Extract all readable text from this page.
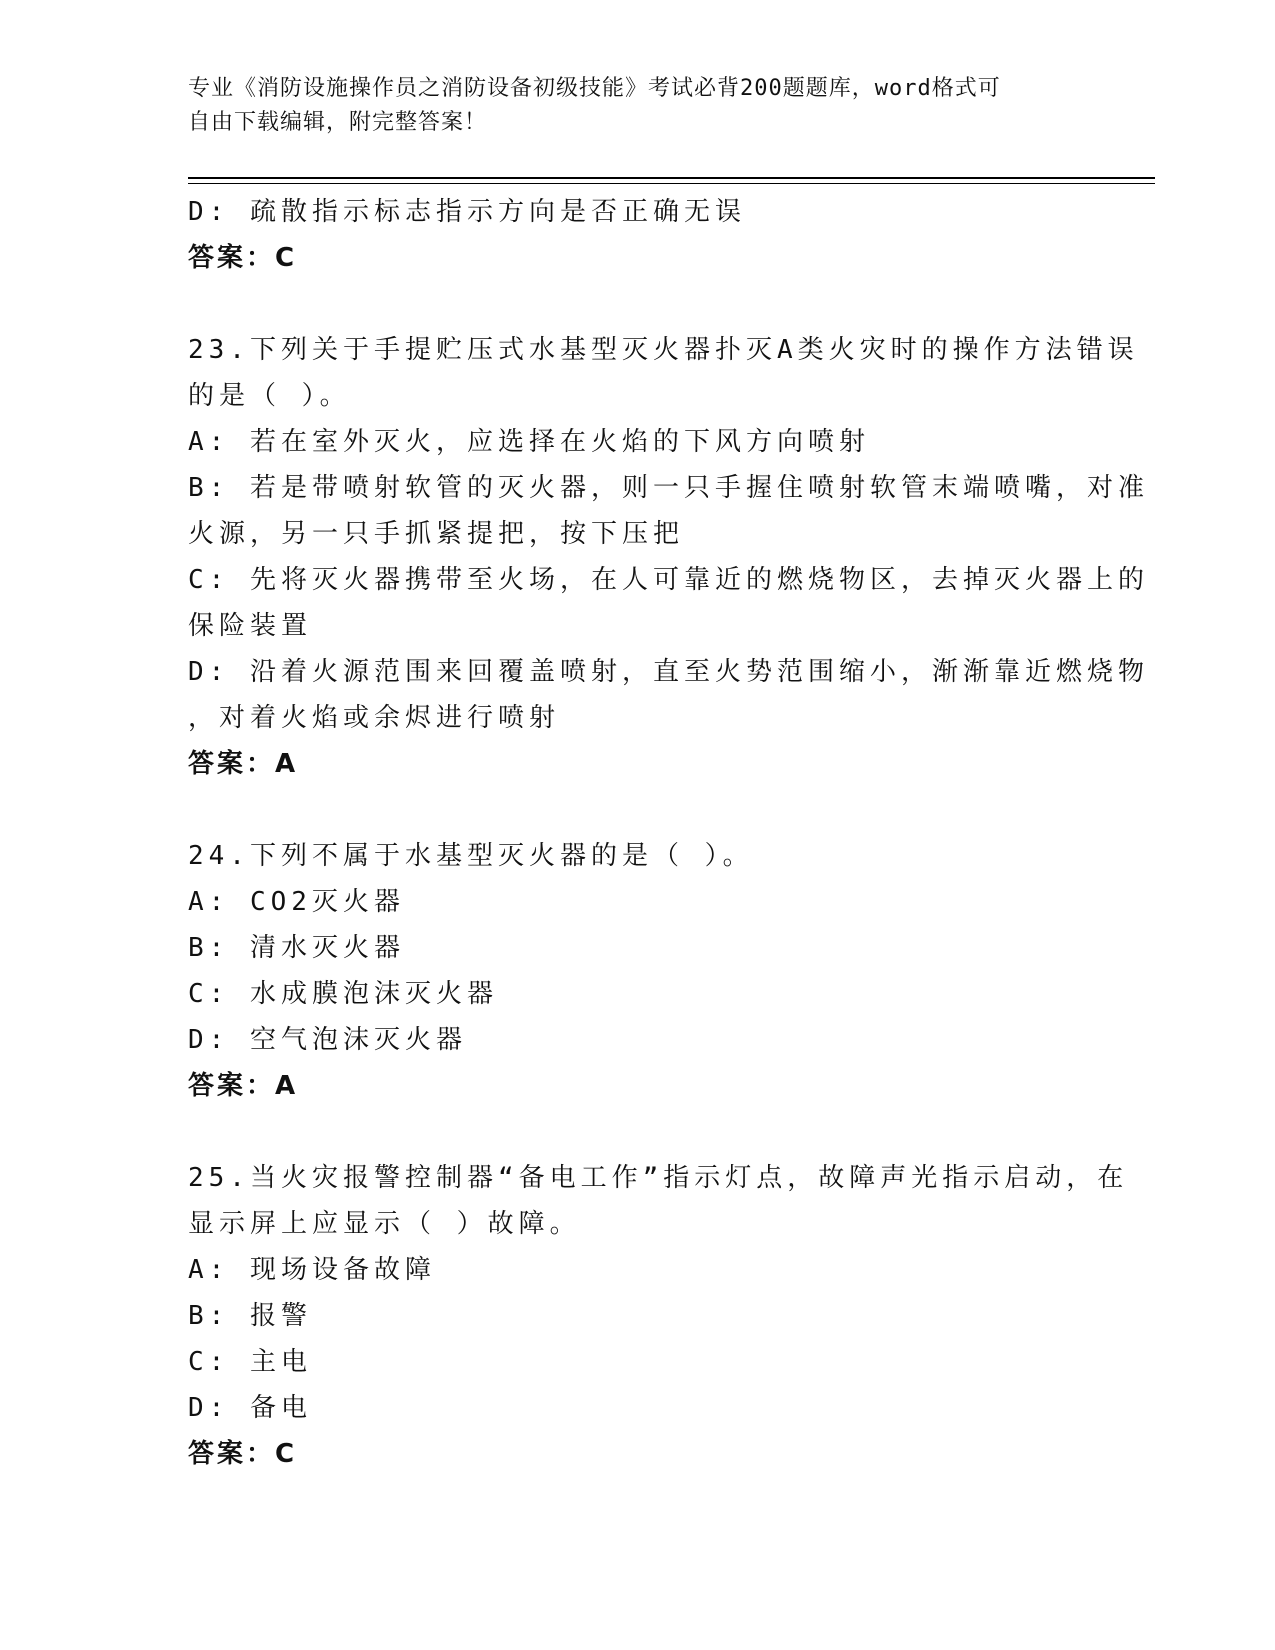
专业《消防设施操作员之消防设备初级技能》考试必背200题题库，word格式可

自由下载编辑，附完整答案！

D: 疏散指示标志指示方向是否正确无误

答案：C

23.下列关于手提贮压式水基型灭火器扑灭A类火灾时的操作方法错误

的是（ ）。

A: 若在室外灭火，应选择在火焰的下风方向喷射

B: 若是带喷射软管的灭火器，则一只手握住喷射软管末端喷嘴，对准

火源，另一只手抓紧提把，按下压把

C: 先将灭火器携带至火场，在人可靠近的燃烧物区，去掉灭火器上的

保险装置

D: 沿着火源范围来回覆盖喷射，直至火势范围缩小，渐渐靠近燃烧物

，对着火焰或余烬进行喷射

答案：A

24.下列不属于水基型灭火器的是（ ）。

A: CO2灭火器

B: 清水灭火器

C: 水成膜泡沫灭火器

D: 空气泡沫灭火器

答案：A

25.当火灾报警控制器“备电工作”指示灯点，故障声光指示启动，在

显示屏上应显示（ ）故障。

A: 现场设备故障

B: 报警

C: 主电

D: 备电

答案：C
